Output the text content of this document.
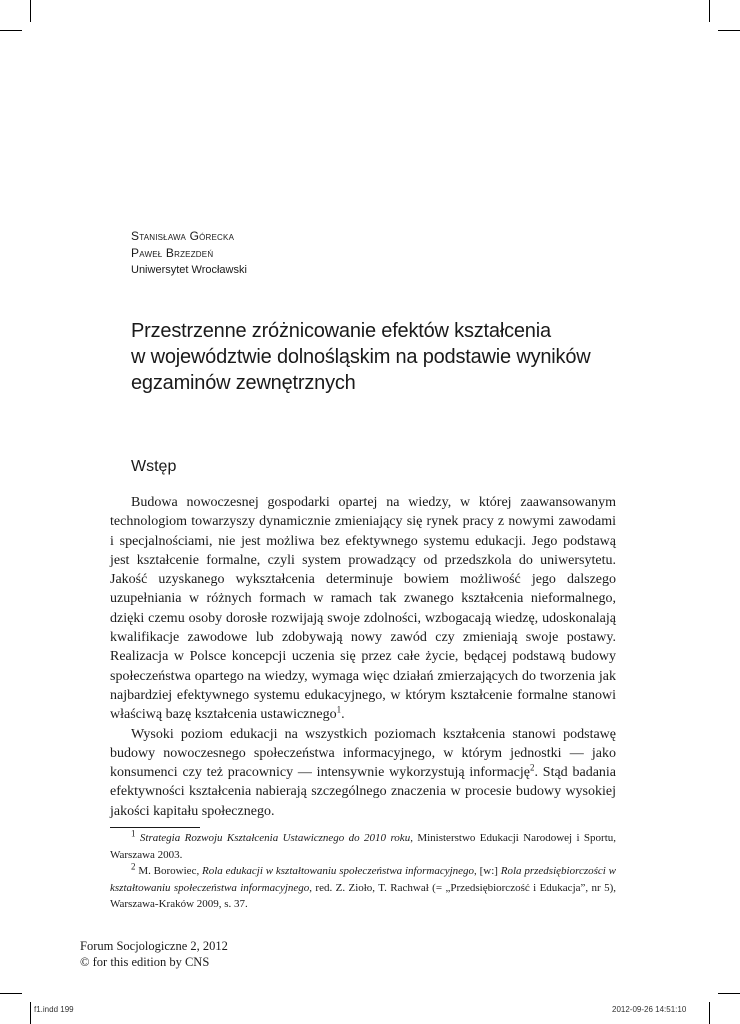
Stanisława Górecka
Paweł Brzezdeń
Uniwersytet Wrocławski
Przestrzenne zróżnicowanie efektów kształcenia
w województwie dolnośląskim na podstawie wyników
egzaminów zewnętrznych
Wstęp

Budowa nowoczesnej gospodarki opartej na wiedzy, w której zaawansowanym technologiom towarzyszy dynamicznie zmieniający się rynek pracy z nowymi zawodami i specjalnościami, nie jest możliwa bez efektywnego systemu edukacji. Jego podstawą jest kształcenie formalne, czyli system prowadzący od przedszkola do uniwersytetu. Jakość uzyskanego wykształcenia determinuje bowiem możliwość jego dalszego uzupełniania w różnych formach w ramach tak zwanego kształcenia nieformalnego, dzięki czemu osoby dorosłe rozwijają swoje zdolności, wzbogacają wiedzę, udoskonalają kwalifikacje zawodowe lub zdobywają nowy zawód czy zmieniają swoje postawy. Realizacja w Polsce koncepcji uczenia się przez całe życie, będącej podstawą budowy społeczeństwa opartego na wiedzy, wymaga więc działań zmierzających do tworzenia jak najbardziej efektywnego systemu edukacyjnego, w którym kształcenie formalne stanowi właściwą bazę kształcenia ustawicznego$^1$.

Wysoki poziom edukacji na wszystkich poziomach kształcenia stanowi podstawę budowy nowoczesnego społeczeństwa informacyjnego, w którym jednostki — jako konsumenci czy też pracownicy — intensywnie wykorzystują informację$^2$. Stąd badania efektywności kształcenia nabierają szczególnego znaczenia w procesie budowy wysokiej jakości kapitału społecznego.

$^1$ Strategia Rozwoju Kształcenia Ustawicznego do 2010 roku, Ministerstwo Edukacji Narodowej i Sportu, Warszawa 2003.

$^2$ M. Borowiec, Rola edukacji w kształtowaniu społeczeństwa informacyjnego, [w:] Rola przedsiębiorczości w kształtowaniu społeczeństwa informacyjnego, red. Z. Zioło, T. Rachwał (= „Przedsiębiorczość i Edukacja”, nr 5), Warszawa-Kraków 2009, s. 37.

Forum Socjologiczne 2, 2012
© for this edition by CNS
f1.indd 199	2012-09-26 14:51:10
